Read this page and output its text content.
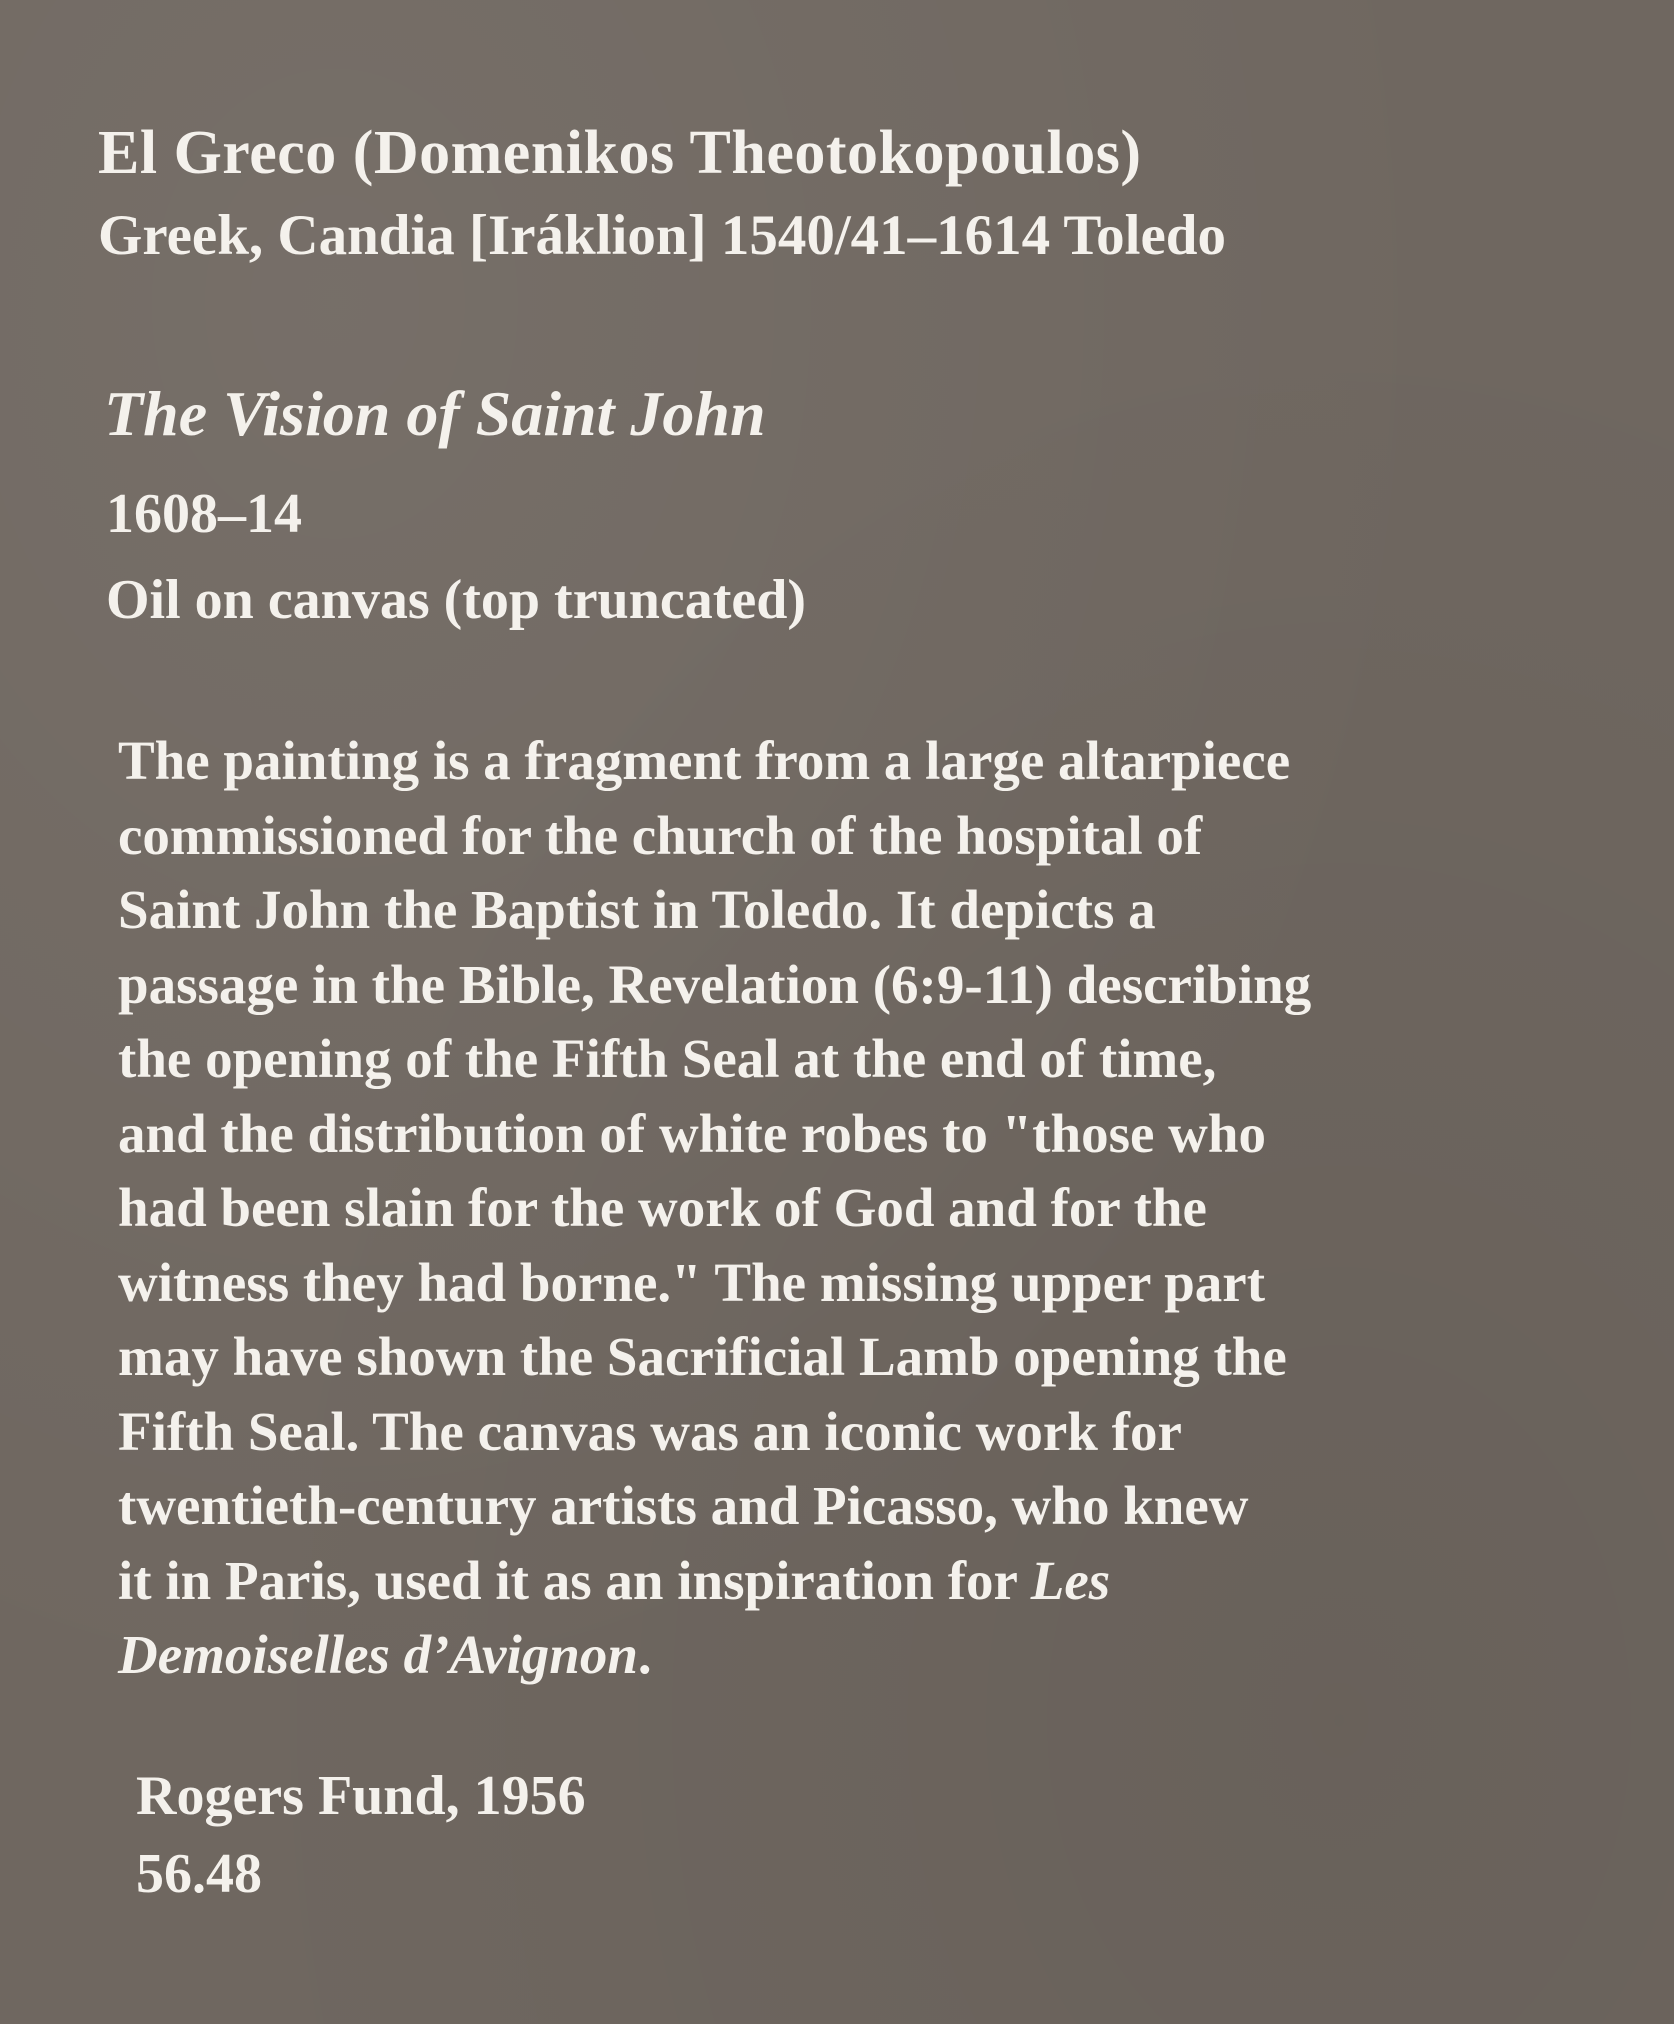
El Greco (Domenikos Theotokopoulos)
Greek, Candia [Iráklion] 1540/41–1614 Toledo
The Vision of Saint John
1608–14
Oil on canvas (top truncated)
The painting is a fragment from a large altarpiece
commissioned for the church of the hospital of
Saint John the Baptist in Toledo. It depicts a
passage in the Bible, Revelation (6:9-11) describing
the opening of the Fifth Seal at the end of time,
and the distribution of white robes to "those who
had been slain for the work of God and for the
witness they had borne." The missing upper part
may have shown the Sacrificial Lamb opening the
Fifth Seal. The canvas was an iconic work for
twentieth-century artists and Picasso, who knew
it in Paris, used it as an inspiration for Les
Demoiselles d’Avignon.
Rogers Fund, 1956
56.48
